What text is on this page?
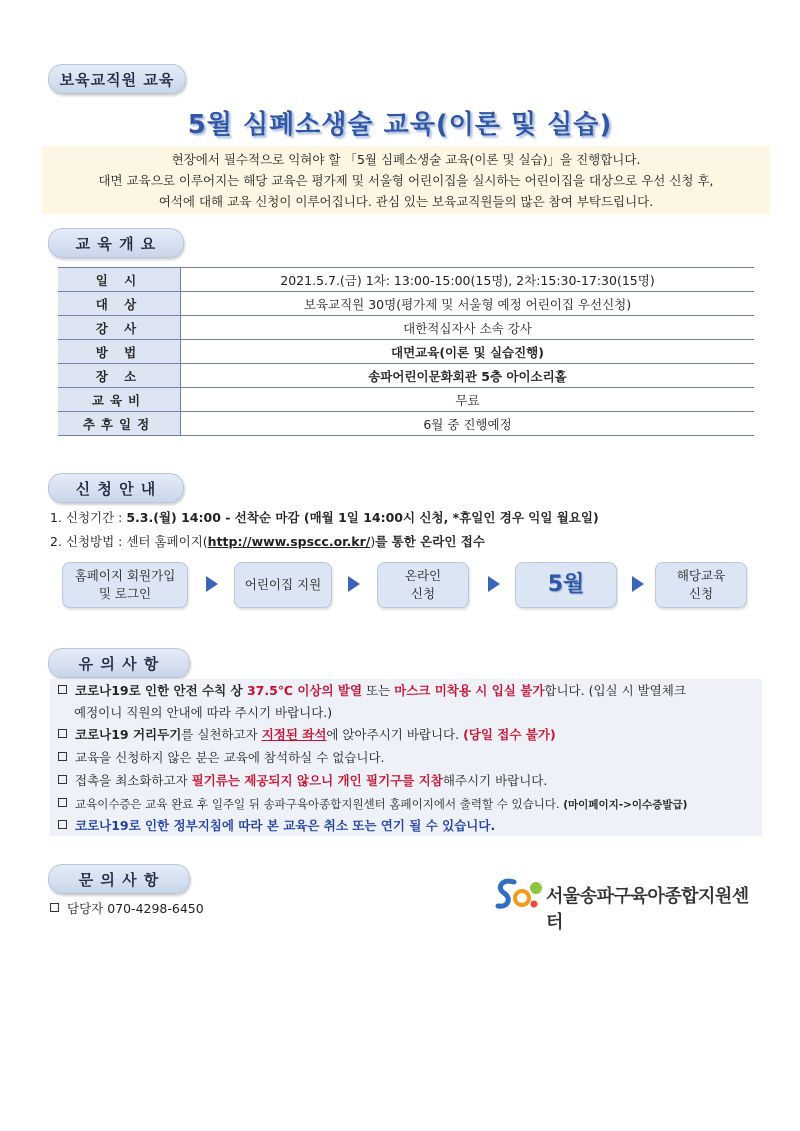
보육교직원 교육
5월 심폐소생술 교육(이론 및 실습)
현장에서 필수적으로 익혀야 할 「5월 심폐소생술 교육(이론 및 실습)」을 진행합니다.
대면 교육으로 이루어지는 해당 교육은 평가제 및 서울형 어린이집을 실시하는 어린이집을 대상으로 우선 신청 후,
여석에 대해 교육 신청이 이루어집니다. 관심 있는 보육교직원들의 많은 참여 부탁드립니다.
교 육 개 요
일 시	2021.5.7.(금) 1차: 13:00-15:00(15명), 2차:15:30-17:30(15명)
대 상	보육교직원 30명(평가제 및 서울형 예정 어린이집 우선신청)
강 사	대한적십자사 소속 강사
방 법	대면교육(이론 및 실습진행)
장 소	송파어린이문화회관 5층 아이소리홀
교육비	무료
추후일정	6월 중 진행예정
신 청 안 내
1. 신청기간 : 5.3.(월) 14:00 - 선착순 마감 (매월 1일 14:00시 신청, *휴일인 경우 익일 월요일)
2. 신청방법 : 센터 홈페이지(http://www.spscc.or.kr/)를 통한 온라인 접수
홈페이지 회원가입
및 로그인
어린이집 지원
온라인
신청	5월	해당교육
신청
유 의 사 항
코로나19로 인한 안전 수칙 상 37.5℃ 이상의 발열 또는 마스크 미착용 시 입실 불가합니다. (입실 시 발열체크
예정이니 직원의 안내에 따라 주시기 바랍니다.)
코로나19 거리두기를 실천하고자 지정된 좌석에 앉아주시기 바랍니다. (당일 접수 불가)
교육을 신청하지 않은 분은 교육에 참석하실 수 없습니다.
접촉을 최소화하고자 필기류는 제공되지 않으니 개인 필기구를 지참해주시기 바랍니다.
교육이수증은 교육 완료 후 일주일 뒤 송파구육아종합지원센터 홈페이지에서 출력할 수 있습니다. (마이페이지->이수증발급)
코로나19로 인한 정부지침에 따라 본 교육은 취소 또는 연기 될 수 있습니다.
문 의 사 항
담당자 070-4298-6450
서울송파구육아종합지원센터
